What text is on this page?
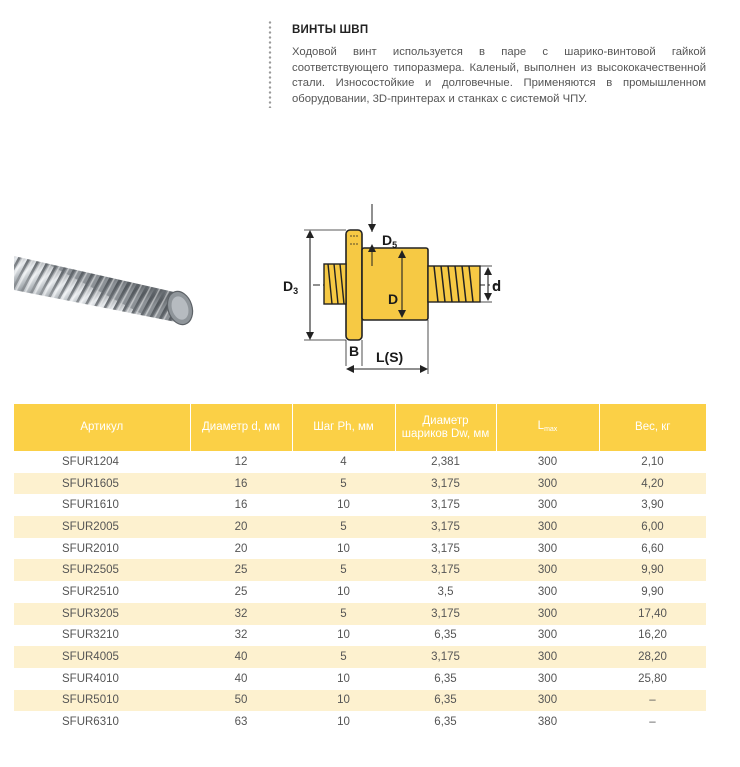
ВИНТЫ ШВП
Ходовой винт используется в паре с шарико-винтовой гайкой соответствующего типоразмера. Каленый, выполнен из высококачественной стали. Износостойкие и долговечные. Применяются в промышленном оборудовании, 3D-принтерах и станках с системой ЧПУ.
$D_5$
$D_3$	D
d
B L(S)
Артикул	Диаметр d, мм	Шаг Ph, мм	Диаметр шариков Dw, мм	$L_{max}$	Вес, кг
SFUR1204	12	4	2,381	300	2,10
SFUR1605	16	5	3,175	300	4,20
SFUR1610	16	10	3,175	300	3,90
SFUR2005	20	5	3,175	300	6,00
SFUR2010	20	10	3,175	300	6,60
SFUR2505	25	5	3,175	300	9,90
SFUR2510	25	10	3,5	300	9,90
SFUR3205	32	5	3,175	300	17,40
SFUR3210	32	10	6,35	300	16,20
SFUR4005	40	5	3,175	300	28,20
SFUR4010	40	10	6,35	300	25,80
SFUR5010	50	10	6,35	300	–
SFUR6310	63	10	6,35	380	–
